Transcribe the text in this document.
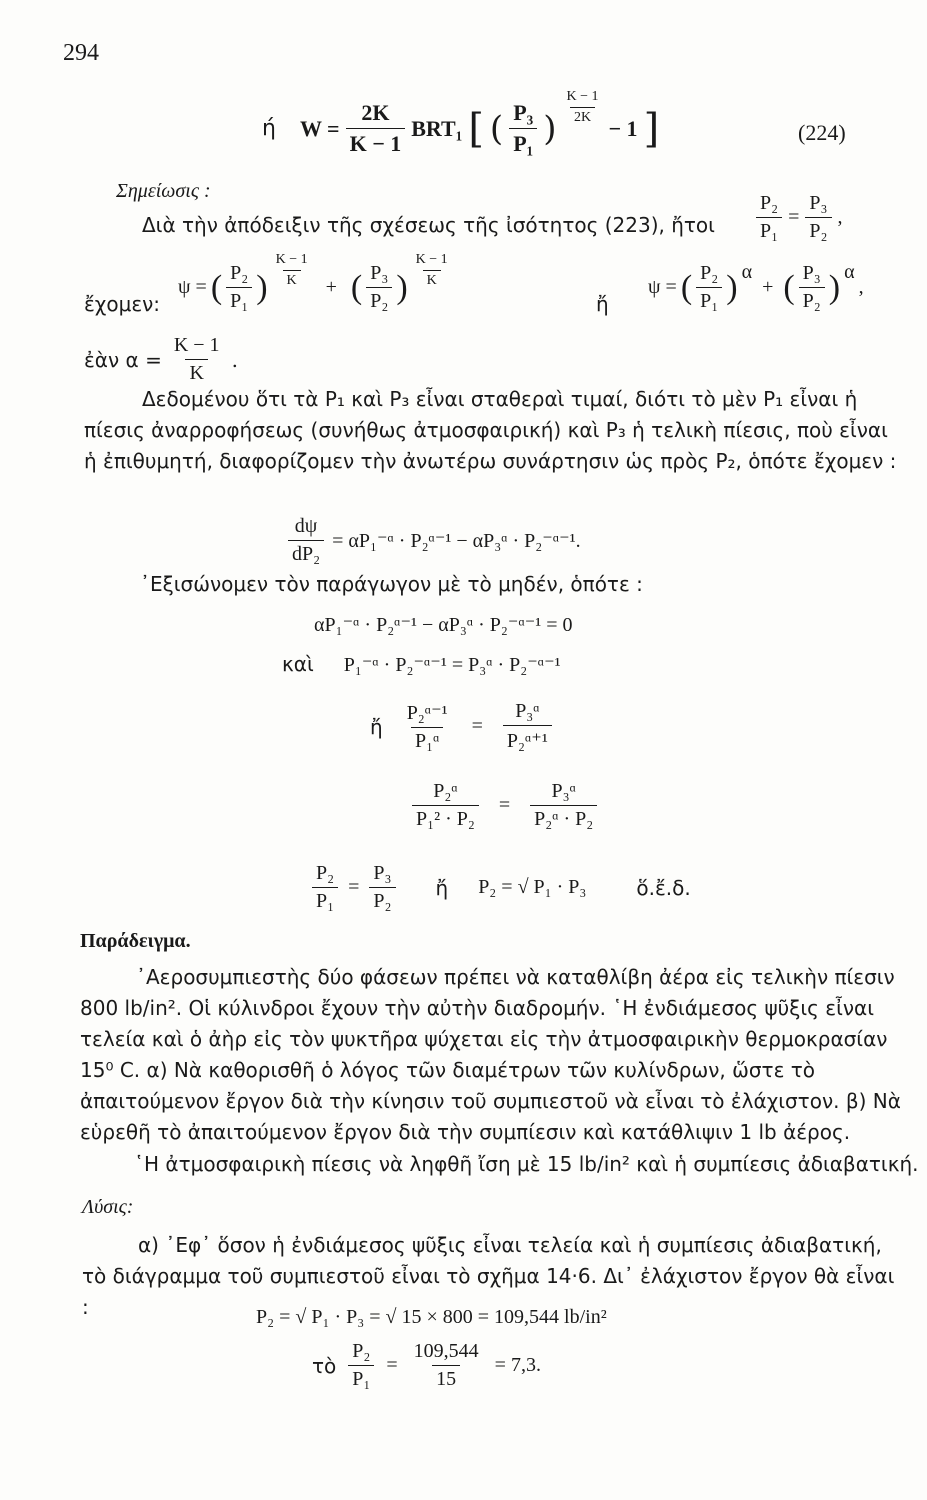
294
ή $W = \frac{2K}{K - 1} BRT_1$ [ ( $\frac{\text{P₃}}{\text{P₁}}$ )
$\frac{K - 1}{2K}$
− 1 ]	(224)
Σημείωσις :
Διὰ τὴν ἀπόδειξιν τῆς σχέσεως τῆς ἰσότητος (223), ἤτοι $\frac{\text{P₂}}{\text{P₁}} = \frac{\text{P₃}}{\text{P₂}}$ ,
ἔχομεν:
ψ = ( $\frac{\text{P₂}}{\text{P₁}}$ ) $\frac{K - 1}{K}$ + ( $\frac{\text{P₃}}{\text{P₂}}$ ) $\frac{K - 1}{K}$
ἤ
ψ = ( $\frac{\text{P₂}}{\text{P₁}}$ ) α
+ ( $\frac{\text{P₃}}{\text{P₂}}$ ) α
,
ἐὰν $\alpha = \frac{K - 1}{K}$ .
Δεδομένου ὅτι τὰ P₁ καὶ P₃ εἶναι σταθεραὶ τιμαί, διότι τὸ μὲν P₁ εἶναι ἡ πίεσις ἀναρροφήσεως (συνήθως ἀτμοσφαιρική) καὶ P₃ ἡ τελικὴ πίεσις, ποὺ εἶναι ἡ ἐπιθυμητή, διαφορίζομεν τὴν ἀνωτέρω συνάρτησιν ὡς πρὸς P₂, ὁπότε ἔχομεν :
$\frac{d\psi}{\text{dP₂}}$ = αP₁⁻ᵅ · P₂ᵅ⁻¹ − αP₃ᵅ · P₂⁻ᵅ⁻¹.
᾿Εξισώνομεν τὸν παράγωγον μὲ τὸ μηδέν, ὁπότε :
αP₁⁻ᵅ · P₂ᵅ⁻¹ − αP₃ᵅ · P₂⁻ᵅ⁻¹ = 0
καὶ P₁⁻ᵅ · P₂⁻ᵅ⁻¹ = P₃ᵅ · P₂⁻ᵅ⁻¹
ἤ $\frac{\text{P₂ᵅ⁻¹}}{\text{P₁ᵅ}} = \frac{\text{P₃ᵅ}}{\text{P₂ᵅ⁺¹}}$
$\frac{\text{P₂ᵅ}}{\text{P₁² · P₂}} = \frac{\text{P₃ᵅ}}{\text{P₂ᵅ · P₂}}$
$\frac{\text{P₂}}{\text{P₁}} = \frac{\text{P₃}}{\text{P₂}}$ ἤ P₂ = √ P₁ · P₃	ὅ.ἔ.δ.
Παράδειγμα.
᾿Αεροσυμπιεστὴς δύο φάσεων πρέπει νὰ καταθλίβη ἀέρα εἰς τελικὴν πίεσιν 800 lb/in². Οἱ κύλινδροι ἔχουν τὴν αὐτὴν διαδρομήν. ῾Η ἐνδιάμεσος ψῦξις εἶναι τελεία καὶ ὁ ἀὴρ εἰς τὸν ψυκτῆρα ψύχεται εἰς τὴν ἀτμοσφαιρικὴν θερμοκρασίαν 15⁰ C. α) Νὰ καθορισθῆ ὁ λόγος τῶν διαμέτρων τῶν κυλίνδρων, ὥστε τὸ ἀπαιτούμενον ἔργον διὰ τὴν κίνησιν τοῦ συμπιεστοῦ νὰ εἶναι τὸ ἐλάχιστον. β) Νὰ εὑρεθῆ τὸ ἀπαιτούμενον ἔργον διὰ τὴν συμπίεσιν καὶ κατάθλιψιν 1 lb ἀέρος.
῾Η ἀτμοσφαιρικὴ πίεσις νὰ ληφθῆ ἴση μὲ 15 lb/in² καὶ ἡ συμπίεσις ἀδιαβατική.
Λύσις:
α) ᾿Εφ᾿ ὅσον ἡ ἐνδιάμεσος ψῦξις εἶναι τελεία καὶ ἡ συμπίεσις ἀδιαβατική, τὸ διάγραμμα τοῦ συμπιεστοῦ εἶναι τὸ σχῆμα 14·6. Δι᾿ ἐλάχιστον ἔργον θὰ εἶναι :	P₂ = √ P₁ · P₃ = √ 15 × 800 = 109,544 lb/in²
τὸ $\frac{\text{P₂}}{\text{P₁}} = \frac{109,544}{15} = 7,3$.
